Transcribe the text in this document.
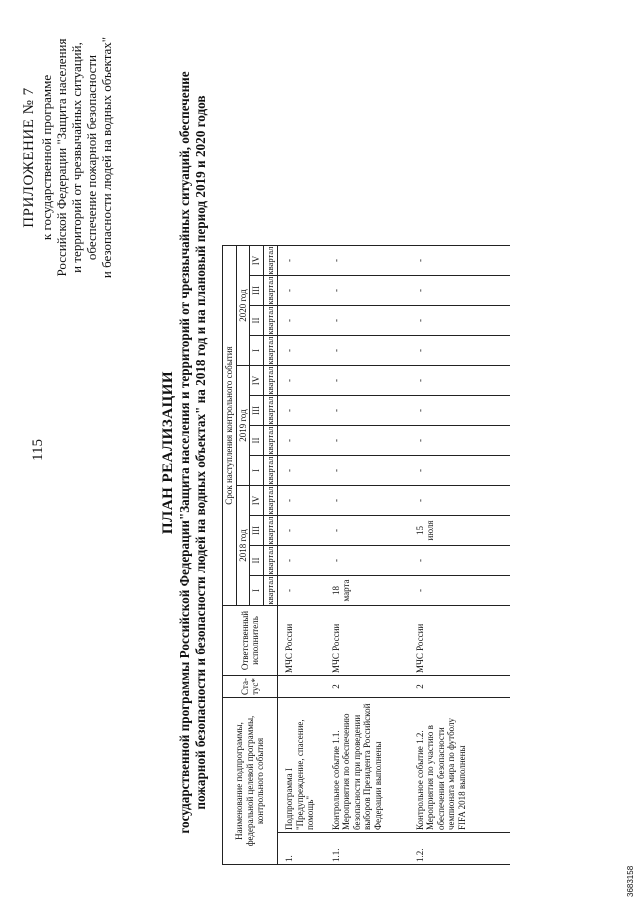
115
ПРИЛОЖЕНИЕ № 7 к государственной программе Российской Федерации "Защита населения и территорий от чрезвычайных ситуаций, обеспечение пожарной безопасности и безопасности людей на водных объектах"
ПЛАН РЕАЛИЗАЦИИ государственной программы Российской Федерации"Защита населения и территорий от чрезвычайных ситуаций, обеспечение пожарной безопасности и безопасности людей на водных объектах" на 2018 год и на плановый период 2019 и 2020 годов	Наименование подпрограммы, федеральной целевой программы, контрольного события		Ста-тус*	Ответственный исполнитель	Срок наступления контрольного события											
				2018 год				2019 год				2020 год			
				I	II	III	IV	I	II	III	IV	I	II	III	IV
				квартал	квартал	квартал	квартал	квартал	квартал	квартал	квартал	квартал	квартал	квартал	квартал
1.	Подпрограмма I "Предупреждение, спасение, помощь"		МЧС России	-	-	-	-	-	-	-	-	-	-	-	-
1.1.	Контрольное событие 1.1. Мероприятия по обеспечению безопасности при проведении выборов Президента Российской Федерации выполнены	2	МЧС России	18 марта	-	-	-	-	-	-	-	-	-	-	-
1.2.	Контрольное событие 1.2. Мероприятия по участию в обеспечении безопасности чемпионата мира по футболу FIFA 2018 выполнены	2	МЧС России	-	-	15 июля	-	-	-	-	-	-	-	-	-
3683158
